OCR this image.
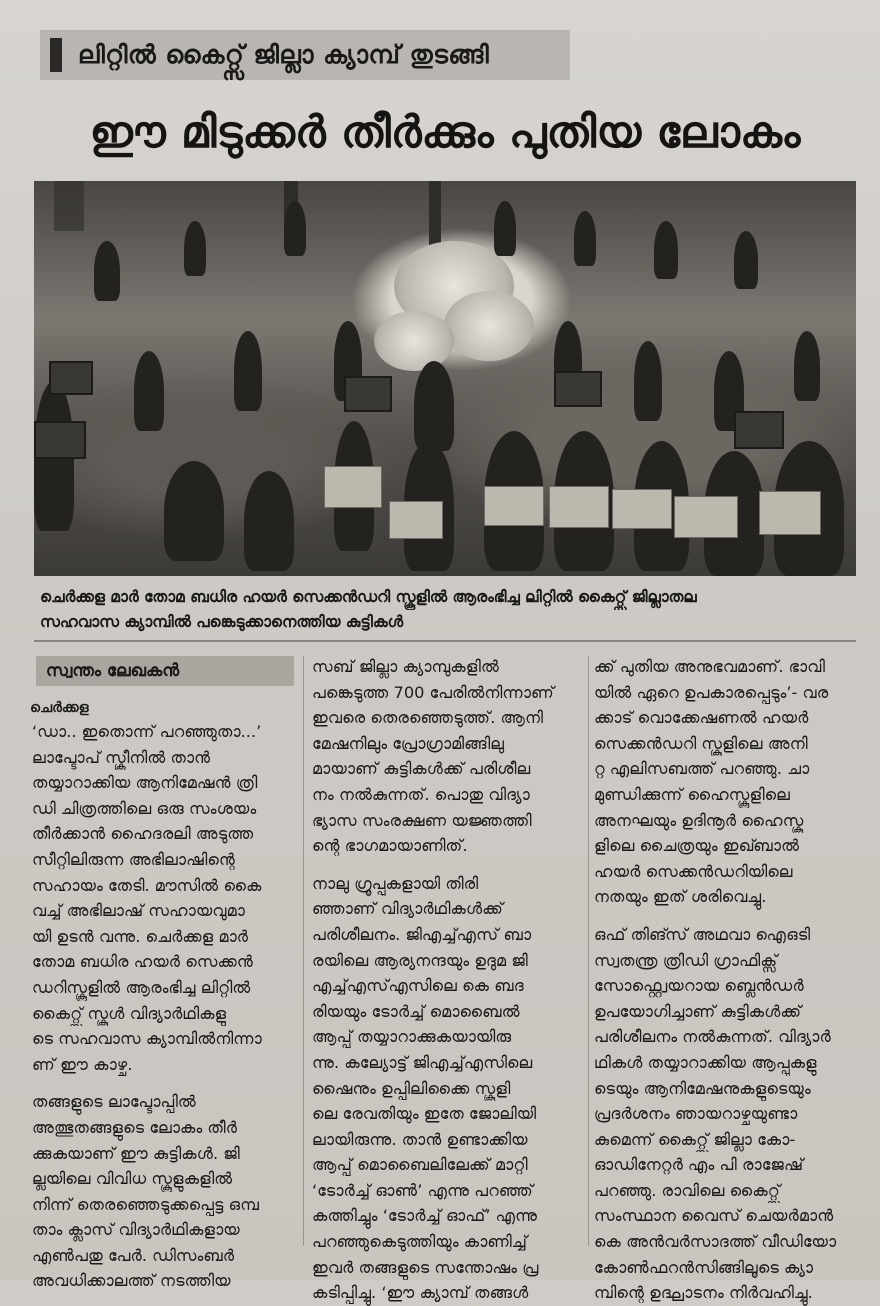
ലിറ്റിൽ കൈറ്റ്സ് ജില്ലാ ക്യാമ്പ് തുടങ്ങി
ഈ മിടുക്കർ തീർക്കും പുതിയ ലോകം
ചെർക്കള മാർ തോമ ബധിര ഹയർ സെക്കൻഡറി സ്കൂളിൽ ആരംഭിച്ച ലിറ്റിൽ കൈറ്റ്സ് ജില്ലാതല
സഹവാസ ക്യാമ്പിൽ പങ്കെടുക്കാനെത്തിയ കുട്ടികൾ
സ്വന്തം ലേഖകൻ
ചെർക്കള
‘ഡാ.. ഇതൊന്ന് പറഞ്ഞുതാ...’
ലാപ്ടോപ് സ്ക്രീനിൽ താൻ
തയ്യാറാക്കിയ ആനിമേഷൻ ത്രി
ഡി ചിത്രത്തിലെ ഒരു സംശയം
തീർക്കാൻ ഹൈദരലി അടുത്ത
സീറ്റിലിരുന്ന അഭിലാഷിന്റെ
സഹായം തേടി. മൗസിൽ കൈ
വച്ച് അഭിലാഷ് സഹായവുമാ
യി ഉടൻ വന്നു. ചെർക്കള മാർ
തോമ ബധിര ഹയർ സെക്കൻ
ഡറിസ്കൂളിൽ ആരംഭിച്ച ലിറ്റിൽ
കൈറ്റ്സ് സ്കൂൾ വിദ്യാർഥികളു
ടെ സഹവാസ ക്യാമ്പിൽനിന്നാ
ണ് ഈ കാഴ്ച.
തങ്ങളുടെ ലാപ്ടോപ്പിൽ
അത്ഭുതങ്ങളുടെ ലോകം തീർ
ക്കുകയാണ് ഈ കുട്ടികൾ. ജി
ല്ലയിലെ വിവിധ സ്കൂളുകളിൽ
നിന്ന് തെരഞ്ഞെടുക്കപ്പെട്ട ഒമ്പ
താം ക്ലാസ് വിദ്യാർഥികളായ
എൺപതു പേർ. ഡിസംബർ
അവധിക്കാലത്ത് നടത്തിയ
സബ് ജില്ലാ ക്യാമ്പുകളിൽ
പങ്കെടുത്ത 700 പേരിൽനിന്നാണ്
ഇവരെ തെരഞ്ഞെടുത്ത്. ആനി
മേഷനിലും പ്രോഗ്രാമിങ്ങിലു
മായാണ് കുട്ടികൾക്ക് പരിശീല
നം നൽകുന്നത്. പൊതു വിദ്യാ
ഭ്യാസ സംരക്ഷണ യജ്ഞത്തി
ന്റെ ഭാഗമായാണിത്.
നാലു ഗ്രൂപ്പുകളായി തിരി
ഞ്ഞാണ് വിദ്യാർഥികൾക്ക്
പരിശീലനം. ജിഎച്ച്എസ് ബാ
രയിലെ ആര്യനന്ദയും ഉദുമ ജി
എച്ച്എസ്എസിലെ കെ ബദ
രിയയും ടോർച്ച് മൊബൈൽ
ആപ്പ് തയ്യാറാക്കുകയായിരു
ന്നു. കല്യോട്ട് ജിഎച്ച്എസിലെ
ഷൈനും ഉപ്പിലിക്കൈ സ്കൂളി
ലെ രേവതിയും ഇതേ ജോലിയി
ലായിരുന്നു. താൻ ഉണ്ടാക്കിയ
ആപ്പ് മൊബൈലിലേക്ക് മാറ്റി
‘ടോർച്ച് ഓൺ’ എന്നു പറഞ്ഞ്
കത്തിച്ചും ‘ടോർച്ച് ഓഫ്’ എന്നു
പറഞ്ഞുകെടുത്തിയും കാണിച്ച്
ഇവർ തങ്ങളുടെ സന്തോഷം പ്ര
കടിപ്പിച്ചു. ‘ഈ ക്യാമ്പ് തങ്ങൾ
ക്ക് പുതിയ അനുഭവമാണ്. ഭാവി
യിൽ ഏറെ ഉപകാരപ്പെടും’- വര
ക്കാട് വൊക്കേഷണൽ ഹയർ
സെക്കൻഡറി സ്കൂളിലെ അനി
റ്റ എലിസബത്ത് പറഞ്ഞു. ചാ
മുണ്ഡിക്കുന്ന് ഹൈസ്കൂളിലെ
അനഘയും ഉദിനൂർ ഹൈസ്കൂ
ളിലെ ചൈത്രയും ഇഖ്ബാൽ
ഹയർ സെക്കൻഡറിയിലെ
നതയും ഇത് ശരിവെച്ചു.
ഒഫ് തിങ്സ് അഥവാ ഐഒടി
സ്വതന്ത്ര ത്രിഡി ഗ്രാഫിക്സ്
സോഫ്റ്റ്വെയറായ ബ്ലെൻഡർ
ഉപയോഗിച്ചാണ് കുട്ടികൾക്ക്
പരിശീലനം നൽകുന്നത്. വിദ്യാർ
ഥികൾ തയ്യാറാക്കിയ ആപ്പുകളു
ടെയും ആനിമേഷനുകളുടെയും
പ്രദർശനം ഞായറാഴ്ചയുണ്ടാ
കുമെന്ന് കൈറ്റ്സ് ജില്ലാ കോ-
ഓഡിനേറ്റർ എം പി രാജേഷ്
പറഞ്ഞു. രാവിലെ കൈറ്റ്സ്
സംസ്ഥാന വൈസ് ചെയർമാൻ
കെ അൻവർസാദത്ത് വീഡിയോ
കോൺഫറൻസിങ്ങിലൂടെ ക്യാ
മ്പിന്റെ ഉദ്ഘാടനം നിർവഹിച്ചു.
